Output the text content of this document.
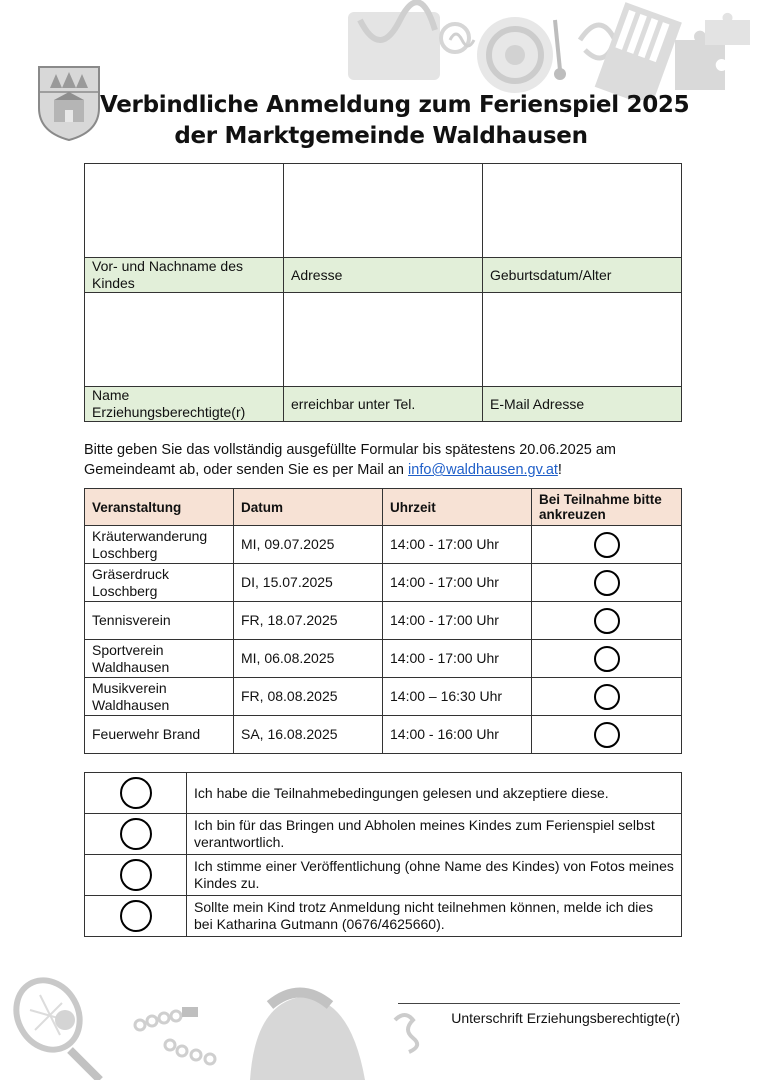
Verbindliche Anmeldung zum Ferienspiel 2025
der Marktgemeinde Waldhausen

Vor- und Nachname des Kindes	Adresse	Geburtsdatum/Alter

Name Erziehungsberechtigte(r)	erreichbar unter Tel.	E-Mail Adresse
Bitte geben Sie das vollständig ausgefüllte Formular bis spätestens 20.06.2025 am Gemeindeamt ab, oder senden Sie es per Mail an info@waldhausen.gv.at!
Veranstaltung	Datum	Uhrzeit	Bei Teilnahme bitte ankreuzen
Kräuterwanderung Loschberg	MI, 09.07.2025	14:00 - 17:00 Uhr	

Gräserdruck Loschberg	DI, 15.07.2025	14:00 - 17:00 Uhr	

Tennisverein	FR, 18.07.2025	14:00 - 17:00 Uhr	

Sportverein Waldhausen	MI, 06.08.2025	14:00 - 17:00 Uhr	

Musikverein Waldhausen	FR, 08.08.2025	14:00 – 16:30 Uhr	

Feuerwehr Brand	SA, 16.08.2025	14:00 - 16:00 Uhr	
	Ich habe die Teilnahmebedingungen gelesen und akzeptiere diese.

	Ich bin für das Bringen und Abholen meines Kindes zum Ferienspiel selbst verantwortlich.

	Ich stimme einer Veröffentlichung (ohne Name des Kindes) von Fotos meines Kindes zu.

	Sollte mein Kind trotz Anmeldung nicht teilnehmen können, melde ich dies bei Katharina Gutmann (0676/4625660).
Unterschrift Erziehungsberechtigte(r)
